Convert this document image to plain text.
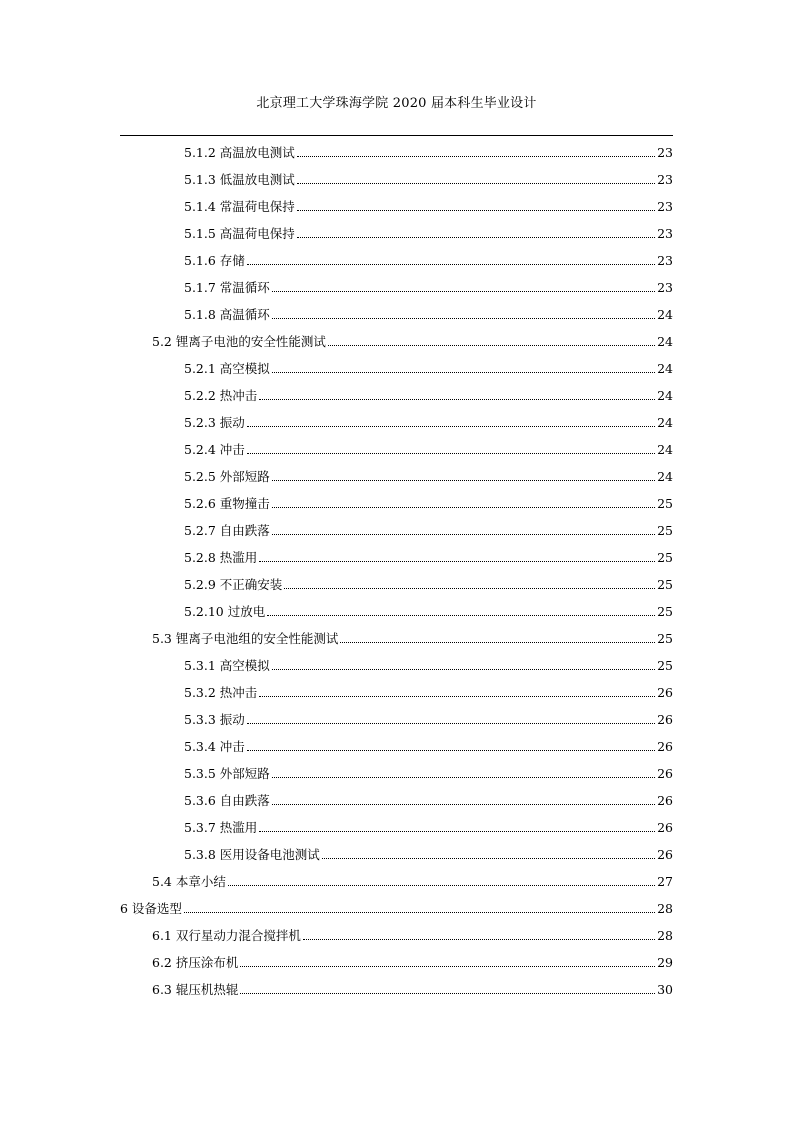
北京理工大学珠海学院 2020 届本科生毕业设计
5.1.2 高温放电测试	23
5.1.3 低温放电测试	23
5.1.4 常温荷电保持	23
5.1.5 高温荷电保持	23
5.1.6 存储	23
5.1.7 常温循环	23
5.1.8 高温循环	24
5.2 锂离子电池的安全性能测试	24
5.2.1 高空模拟	24
5.2.2 热冲击	24
5.2.3 振动	24
5.2.4 冲击	24
5.2.5 外部短路	24
5.2.6 重物撞击	25
5.2.7 自由跌落	25
5.2.8 热滥用	25
5.2.9 不正确安装	25
5.2.10 过放电	25
5.3 锂离子电池组的安全性能测试	25
5.3.1 高空模拟	25
5.3.2 热冲击	26
5.3.3 振动	26
5.3.4 冲击	26
5.3.5 外部短路	26
5.3.6 自由跌落	26
5.3.7 热滥用	26
5.3.8 医用设备电池测试	26
5.4 本章小结	27
6 设备选型	28
6.1 双行星动力混合搅拌机	28
6.2 挤压涂布机	29
6.3 辊压机热辊	30
